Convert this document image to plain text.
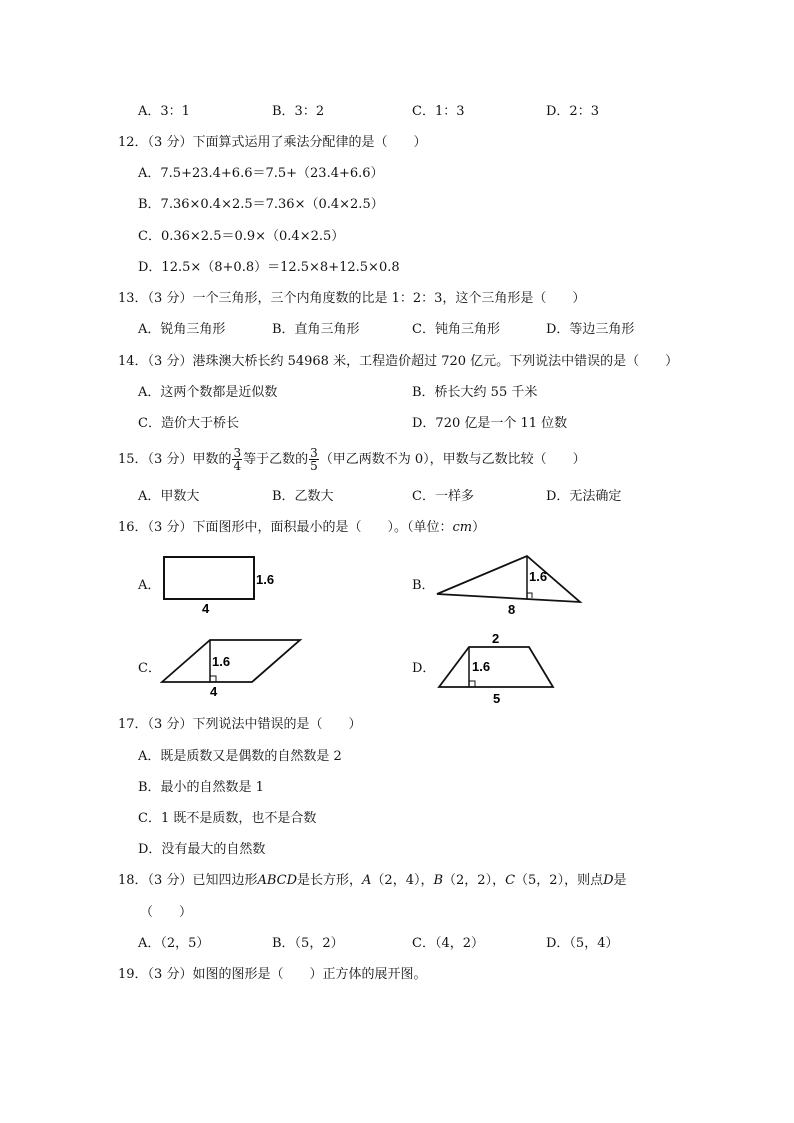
A．3：1	B．3：2	C．1：3	D．2：3
12．（3 分）下面算式运用了乘法分配律的是（　　）
A．7.5+23.4+6.6＝7.5+（23.4+6.6）
B．7.36×0.4×2.5＝7.36×（0.4×2.5）
C．0.36×2.5＝0.9×（0.4×2.5）
D．12.5×（8+0.8）＝12.5×8+12.5×0.8
13．（3 分）一个三角形，三个内角度数的比是 1：2：3，这个三角形是（　　）
A．锐角三角形	B．直角三角形	C．钝角三角形	D．等边三角形
14．（3 分）港珠澳大桥长约 54968 米，工程造价超过 720 亿元。下列说法中错误的是（　　）
A．这两个数都是近似数	B．桥长大约 55 千米
C．造价大于桥长	D．720 亿是一个 11 位数
15．（3 分）甲数的 $\frac{3}{4}$ 等于乙数的 $\frac{3}{5}$ （甲乙两数不为 0），甲数与乙数比较（　　）
A．甲数大	B．乙数大	C．一样多	D．无法确定
16．（3 分）下面图形中，面积最小的是（　　）。（单位：cm）
A．	1.6
4
B．
1.6
8
C．	1.6
4
D．
2
1.6
5
17．（3 分）下列说法中错误的是（　　）
A．既是质数又是偶数的自然数是 2
B．最小的自然数是 1
C．1 既不是质数，也不是合数
D．没有最大的自然数
18．（3 分）已知四边形ABCD是长方形，A（2，4），B（2，2），C（5，2），则点D是
（　　）
A．（2，5）	B．（5，2）	C．（4，2）	D．（5，4）
19．（3 分）如图的图形是（　　）正方体的展开图。
